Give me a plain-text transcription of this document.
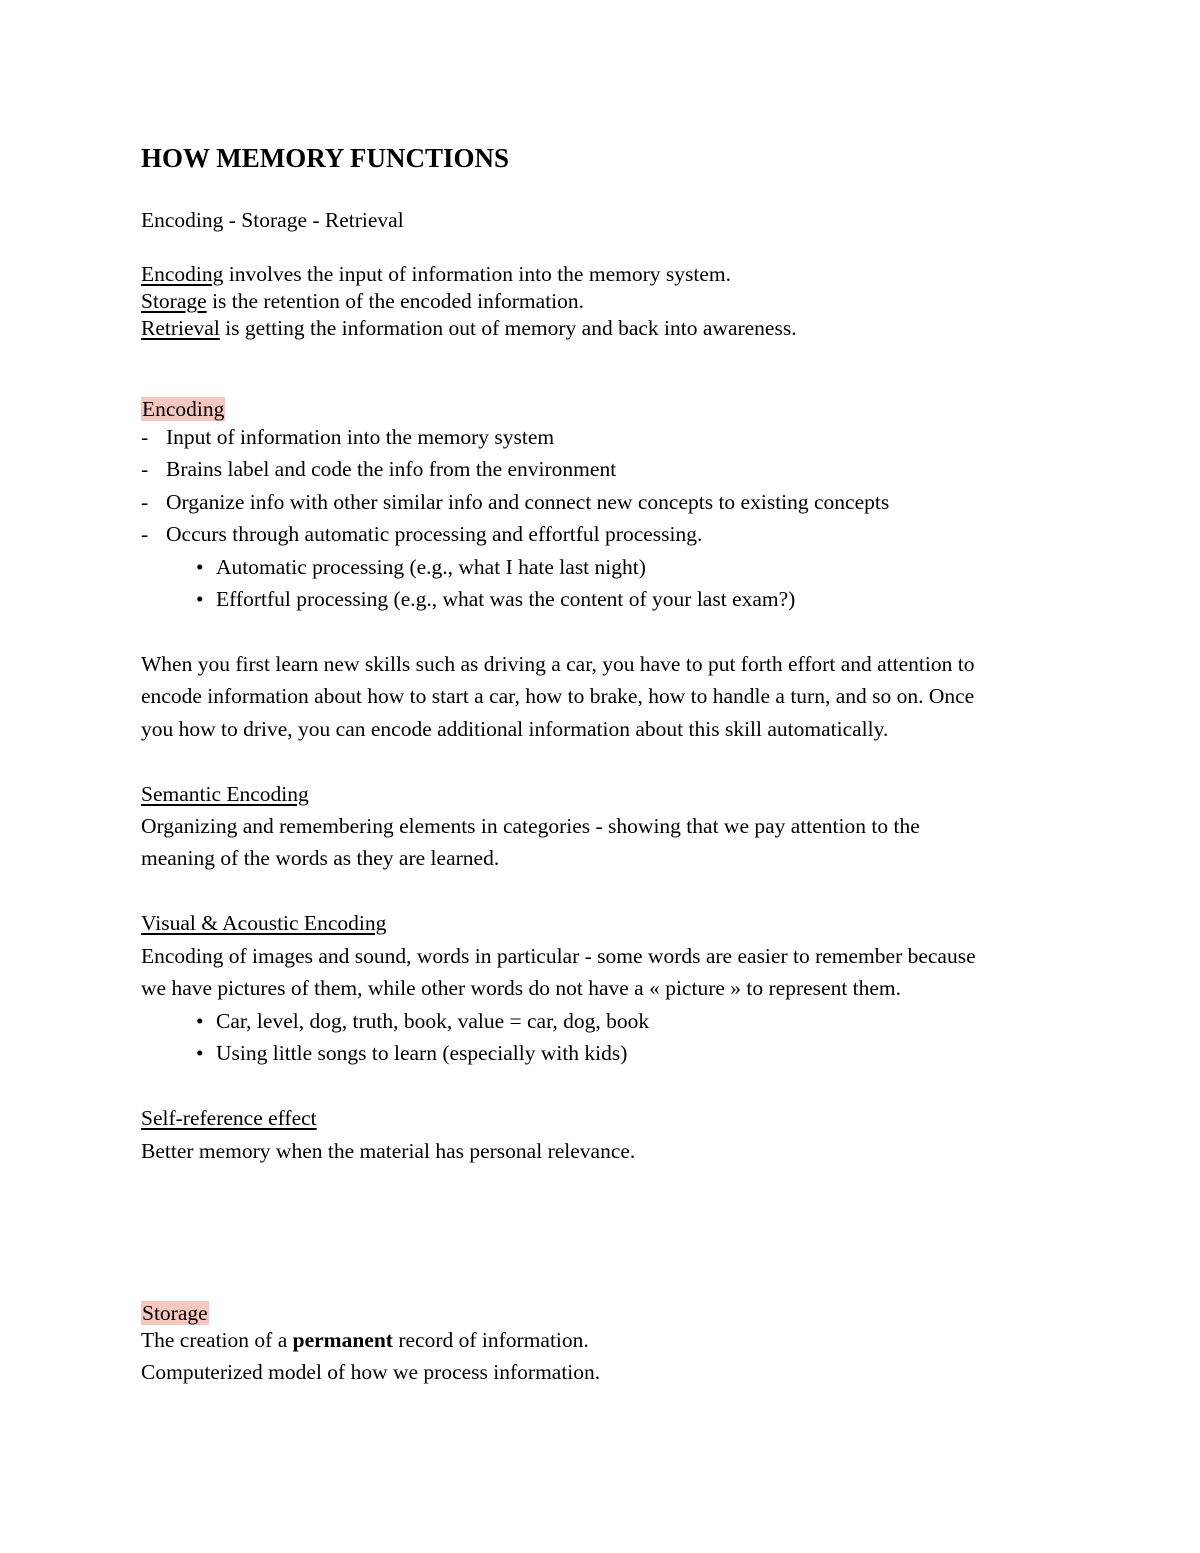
HOW MEMORY FUNCTIONS
Encoding - Storage - Retrieval
Encoding involves the input of information into the memory system.
Storage is the retention of the encoded information.
Retrieval is getting the information out of memory and back into awareness.
Encoding
- Input of information into the memory system
- Brains label and code the info from the environment
- Organize info with other similar info and connect new concepts to existing concepts
- Occurs through automatic processing and effortful processing.
• Automatic processing (e.g., what I hate last night)
• Effortful processing (e.g., what was the content of your last exam?)
When you first learn new skills such as driving a car, you have to put forth effort and attention to
encode information about how to start a car, how to brake, how to handle a turn, and so on. Once
you how to drive, you can encode additional information about this skill automatically.
Semantic Encoding
Organizing and remembering elements in categories - showing that we pay attention to the
meaning of the words as they are learned.
Visual & Acoustic Encoding
Encoding of images and sound, words in particular - some words are easier to remember because
we have pictures of them, while other words do not have a « picture » to represent them.
• Car, level, dog, truth, book, value = car, dog, book
• Using little songs to learn (especially with kids)
Self-reference effect
Better memory when the material has personal relevance.
Storage
The creation of a permanent record of information.
Computerized model of how we process information.
